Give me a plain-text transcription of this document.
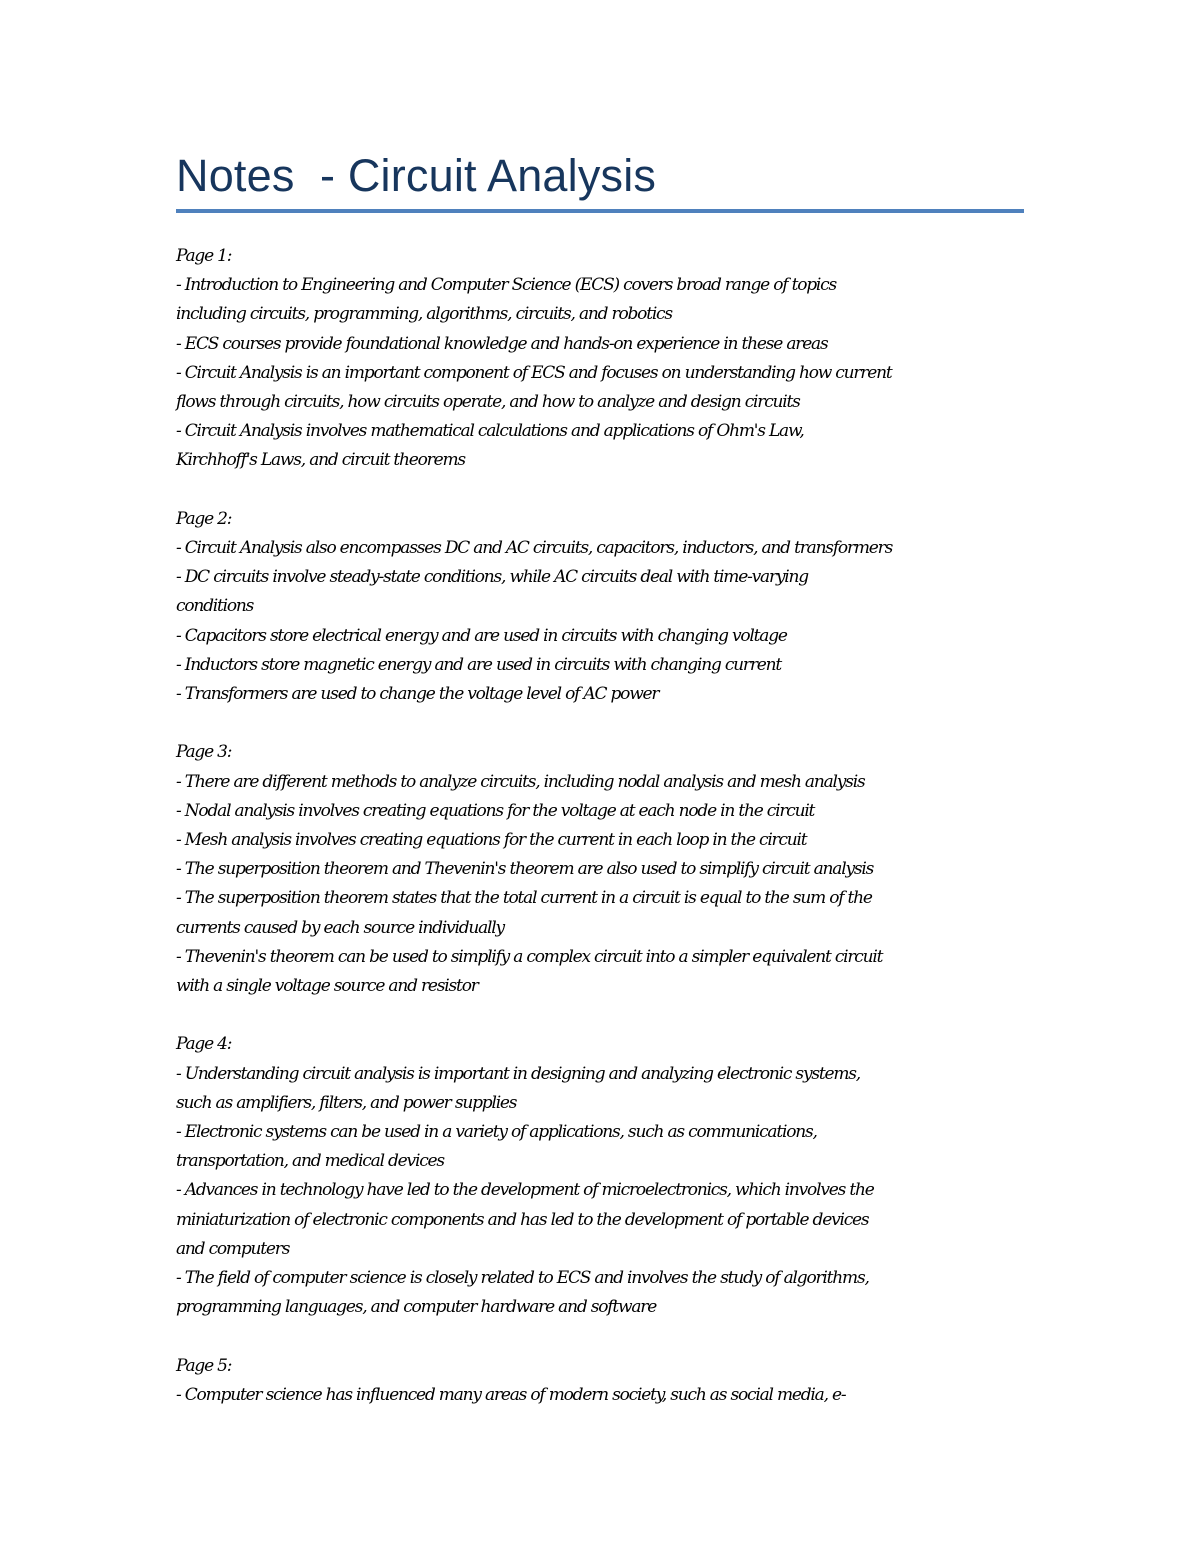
Notes  - Circuit Analysis

Page 1:

- Introduction to Engineering and Computer Science (ECS) covers broad range of topics

including circuits, programming, algorithms, circuits, and robotics

- ECS courses provide foundational knowledge and hands-on experience in these areas

- Circuit Analysis is an important component of ECS and focuses on understanding how current

flows through circuits, how circuits operate, and how to analyze and design circuits

- Circuit Analysis involves mathematical calculations and applications of Ohm's Law,

Kirchhoff's Laws, and circuit theorems

Page 2:

- Circuit Analysis also encompasses DC and AC circuits, capacitors, inductors, and transformers

- DC circuits involve steady-state conditions, while AC circuits deal with time-varying

conditions

- Capacitors store electrical energy and are used in circuits with changing voltage

- Inductors store magnetic energy and are used in circuits with changing current

- Transformers are used to change the voltage level of AC power

Page 3:

- There are different methods to analyze circuits, including nodal analysis and mesh analysis

- Nodal analysis involves creating equations for the voltage at each node in the circuit

- Mesh analysis involves creating equations for the current in each loop in the circuit

- The superposition theorem and Thevenin's theorem are also used to simplify circuit analysis

- The superposition theorem states that the total current in a circuit is equal to the sum of the

currents caused by each source individually

- Thevenin's theorem can be used to simplify a complex circuit into a simpler equivalent circuit

with a single voltage source and resistor

Page 4:

- Understanding circuit analysis is important in designing and analyzing electronic systems,

such as amplifiers, filters, and power supplies

- Electronic systems can be used in a variety of applications, such as communications,

transportation, and medical devices

- Advances in technology have led to the development of microelectronics, which involves the

miniaturization of electronic components and has led to the development of portable devices

and computers

- The field of computer science is closely related to ECS and involves the study of algorithms,

programming languages, and computer hardware and software

Page 5:

- Computer science has influenced many areas of modern society, such as social media, e-
